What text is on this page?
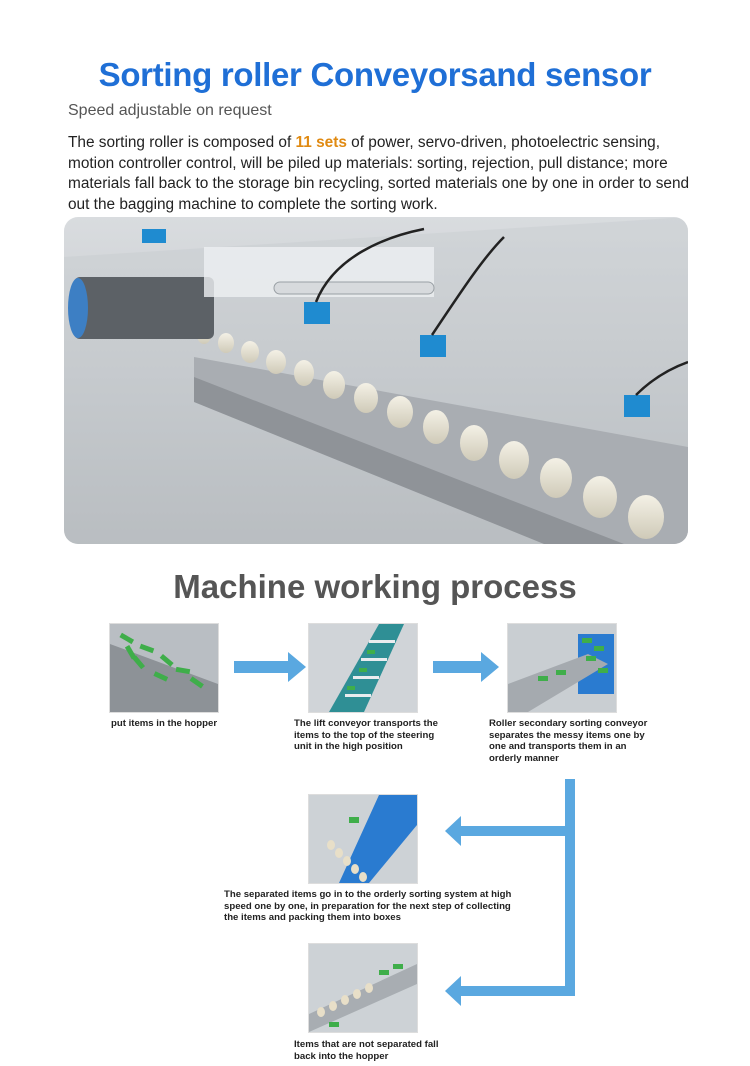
Sorting roller Conveyorsand sensor
Speed adjustable on request
The sorting roller is composed of 11 sets of power, servo-driven, photoelectric sensing, motion controller control, will be piled up materials: sorting, rejection, pull distance; more materials fall back to the storage bin recycling, sorted materials one by one in order to send out the bagging machine to complete the sorting work.
Machine working process
put items in the hopper	The lift conveyor transports the items to the top of the steering unit in the high position
Roller secondary sorting conveyor separates the messy items one by one and transports them in an orderly manner
The separated items go in to the orderly sorting system at high speed one by one, in preparation for the next step of collecting the items and packing them into boxes
Items that are not separated fall back into the hopper
